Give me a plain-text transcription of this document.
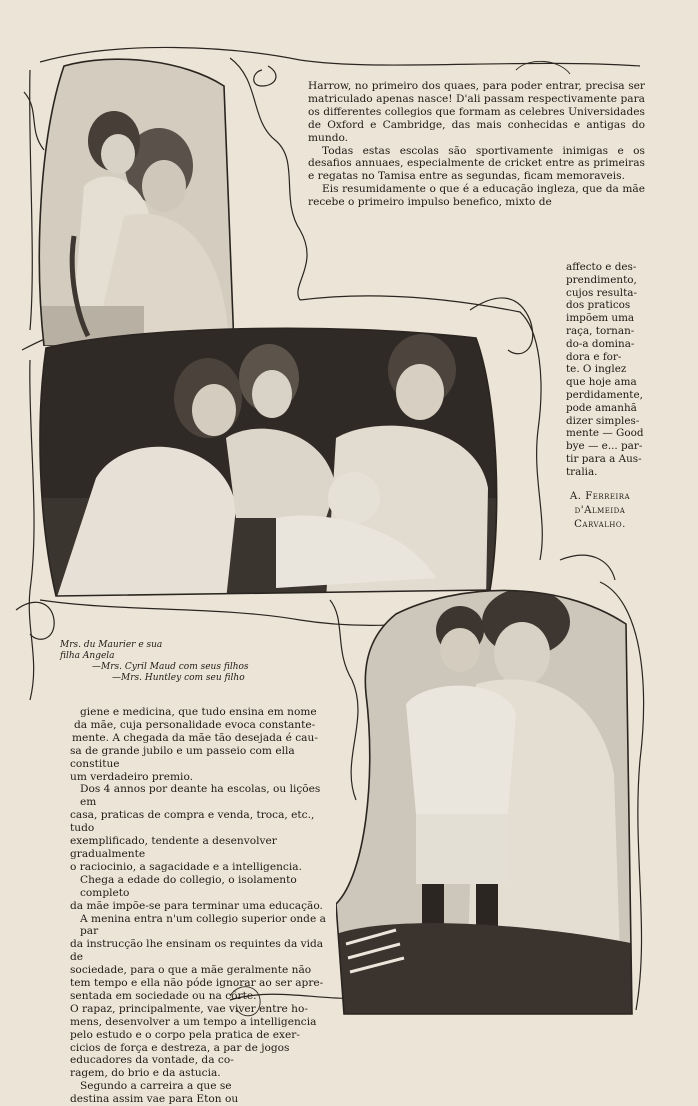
Harrow, no primeiro dos quaes, para poder entrar, precisa ser matriculado apenas nasce! D'ali passam respectivamente para os differentes collegios que formam as celebres Universidades de Oxford e Cambridge, das mais conhecidas e antigas do mundo.

Todas estas escolas são sportivamente inimigas e os desafios annuaes, especialmente de cricket entre as primeiras e regatas no Tamisa entre as segundas, ficam memoraveis.

Eis resumidamente o que é a educação ingleza, que da mãe recebe o primeiro impulso benefico, mixto de

affecto e des-
prendimento,
cujos resulta-
dos praticos
impõem uma
raça, tornan-
do-a domina-
dora e for-
te. O inglez
que hoje ama
perdidamente,
pode amanhã
dizer simples-
mente — Good
bye — e... par-
tir para a Aus-
tralia.
A. Ferreira
d'Almeida
Carvalho.
Mrs. du Maurier e sua
filha Angela
—Mrs. Cyril Maud com seus filhos
—Mrs. Huntley com seu filho

giene e medicina, que tudo ensina em nome

da mãe, cuja personalidade evoca constante-

mente. A chegada da mãe tão desejada é cau-

sa de grande jubilo e um passeio com ella constitue

um verdadeiro premio.

Dos 4 annos por deante ha escolas, ou lições em

casa, praticas de compra e venda, troca, etc., tudo

exemplificado, tendente a desenvolver gradualmente

o raciocinio, a sagacidade e a intelligencia.

Chega a edade do collegio, o isolamento completo

da mãe impõe-se para terminar uma educação.

A menina entra n'um collegio superior onde a par

da instrucção lhe ensinam os requintes da vida de

sociedade, para o que a mãe geralmente não

tem tempo e ella não póde ignorar ao ser apre-

sentada em sociedade ou na côrte.

O rapaz, principalmente, vae viver entre ho-

mens, desenvolver a um tempo a intelligencia

pelo estudo e o corpo pela pratica de exer-

cicios de força e destreza, a par de jogos

educadores da vontade, da co-

ragem, do brio e da astucia.

Segundo a carreira a que se

destina assim vae para Eton ou
